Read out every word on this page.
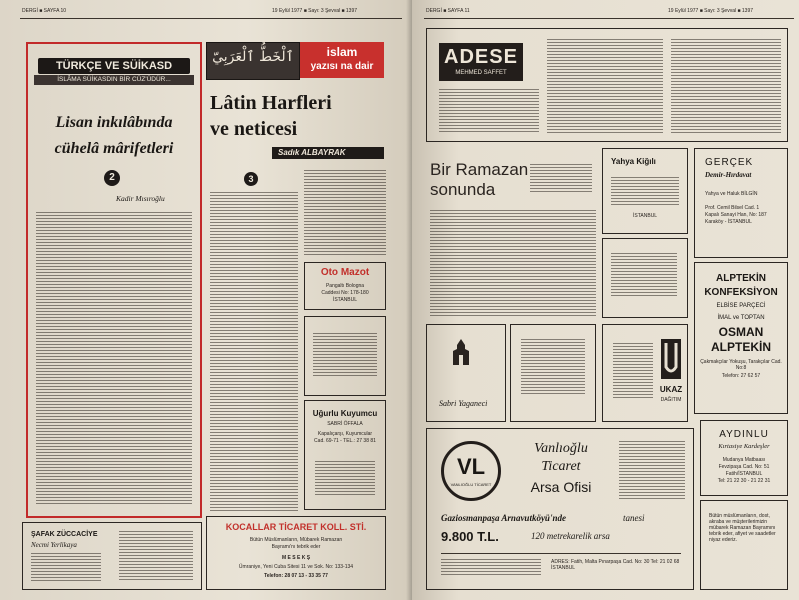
DERGİ ■ SAYFA 10	19 Eylül 1977 ■ Sayı: 3 Şevval ■ 1397
TÜRKÇE VE SÜİKASD
İSLÂMA SÜİKASDIN BİR CÜZ'ÜDÜR...
Lisan inkılâbında
cühelâ mârifetleri
2
Kadir Mısıroğlu
ٱلْخَطُّ ٱلْعَرَبِيّ	islam
yazısı na dair
Lâtin Harfleri
ve neticesi
Sadık ALBAYRAK
3
Oto Mazot
Pangaltı Bologna
Caddesi No: 178-180
İSTANBUL
Uğurlu Kuyumcu
SABRİ ÖFFALA
Kapalıçarşı, Kuyumcular
Cad. 69-71 - TEL.: 27 38 81
ŞAFAK ZÜCCACİYE
Necmi Yerlikaya
KOCALLAR TİCARET KOLL. STİ.
Bütün Müslümanların, Mübarek Ramazan
Bayramı'nı tebrik eder
M E S E K Ş
Ümraniye, Yeni Cuba Sitesi 11 ve Sok. No: 133-134
Telefon: 28 07 13 - 33 35 77
DERGİ ■ SAYFA 11	19 Eylül 1977 ■ Sayı: 3 Şevval ■ 1397
ADESE
MEHMED SAFFET
Bir Ramazan
sonunda
Yahya Kiğılı
İSTANBUL
GERÇEK
Demir-Hırdavat
Yahya ve Haluk BİLGİN
Prof. Cemil Bilsel Cad. 1
Kapalı Sanayi Han, No: 187
Karaköy - İSTANBUL
ALPTEKİN
KONFEKSİYON
ELBİSE PARÇECİ
İMAL ve TOPTAN
OSMAN
ALPTEKİN
Çakmakçılar Yokuşu, Tarakçılar Cad. No:8
Telefon: 27 62 57
Sabri Yaganeci
UKAZ
DAĞITIM
VL
VANLIOĞLU TİCARET
Vanlıoğlu
Ticaret
Arsa Ofisi
Gaziosmanpaşa Arnavutköyü'nde	tanesi
9.800 T.L.	120 metrekarelik arsa
ADRES: Fatih, Malta Pınarpaşa Cad. No: 30 Tel: 21 02 68 İSTANBUL
AYDINLU
Kırtasiye Kardeşler
Mudanya Matbaası
Fevzipaşa Cad. No: 51
Fatih/İSTANBUL
Tel: 21 22 30 - 21 22 31
Bütün müslümanların, dost, akraba ve müşterilerimizin mübarek Ramazan Bayramını tebrik eder, afiyet ve saadetler niyaz ederiz.
